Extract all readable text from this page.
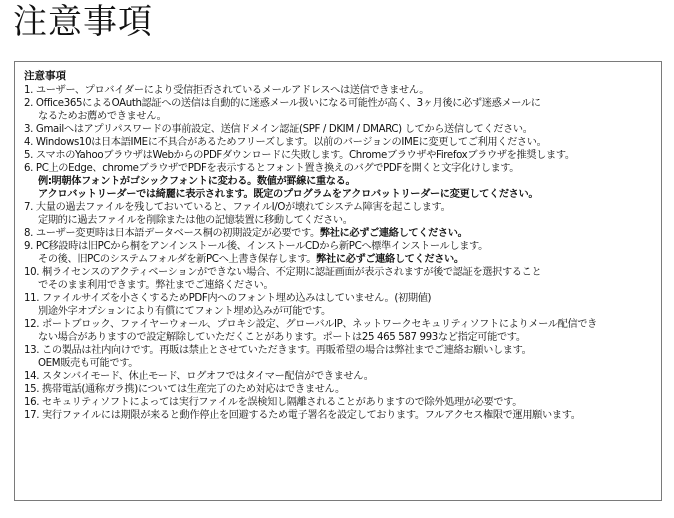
注意事項
注意事項
1. ユーザー、プロバイダーにより受信拒否されているメールアドレスへは送信できません。
2. Office365によるOAuth認証への送信は自動的に迷惑メール扱いになる可能性が高く、3ヶ月後に必ず迷惑メールに
なるためお薦めできません。
3. Gmailへはアプリパスワードの事前設定、送信ドメイン認証(SPF / DKIM / DMARC) してから送信してください。
4. Windows10は日本語IMEに不具合があるためフリーズします。以前のバージョンのIMEに変更してご利用ください。
5. スマホのYahooブラウザはWebからのPDFダウンロードに失敗します。ChromeブラウザやFirefoxブラウザを推奨します。
6. PC上のEdge、chromeブラウザでPDFを表示するとフォント置き換えのバグでPDFを開くと文字化けします。
例:明朝体フォントがゴシックフォントに変わる。数値が罫線に重なる。
アクロバットリーダーでは綺麗に表示されます。既定のプログラムをアクロバットリーダーに変更してください。
7. 大量の過去ファイルを残しておいていると、ファイルI/Oが壊れてシステム障害を起こします。
定期的に過去ファイルを削除または他の記憶装置に移動してください。
8. ユーザー変更時は日本語データベース桐の初期設定が必要です。弊社に必ずご連絡してください。
9. PC移設時は旧PCから桐をアンインストール後、インストールCDから新PCへ標準インストールします。
その後、旧PCのシステムフォルダを新PCへ上書き保存します。弊社に必ずご連絡してください。
10. 桐ライセンスのアクティベーションができない場合、不定期に認証画面が表示されますが後で認証を選択すること
でそのまま利用できます。弊社までご連絡ください。
11. ファイルサイズを小さくするためPDF内へのフォント埋め込みはしていません。(初期値)
別途外字オプションにより有償にてフォント埋め込みが可能です。
12. ポートブロック、ファイヤーウォール、プロキシ設定、グローバルIP、ネットワークセキュリティソフトによりメール配信でき
ない場合がありますので設定解除していただくことがあります。ポートは25 465 587 993など指定可能です。
13. この製品は社内向けです。再販は禁止とさせていただきます。再販希望の場合は弊社までご連絡お願いします。
OEM販売も可能です。
14. スタンバイモード、休止モード、ログオフではタイマー配信ができません。
15. 携帯電話(通称ガラ携)については生産完了のため対応はできません。
16. セキュリティソフトによっては実行ファイルを誤検知し隔離されることがありますので除外処理が必要です。
17. 実行ファイルには期限が来ると動作停止を回避するため電子署名を設定しております。フルアクセス権限で運用願います。
